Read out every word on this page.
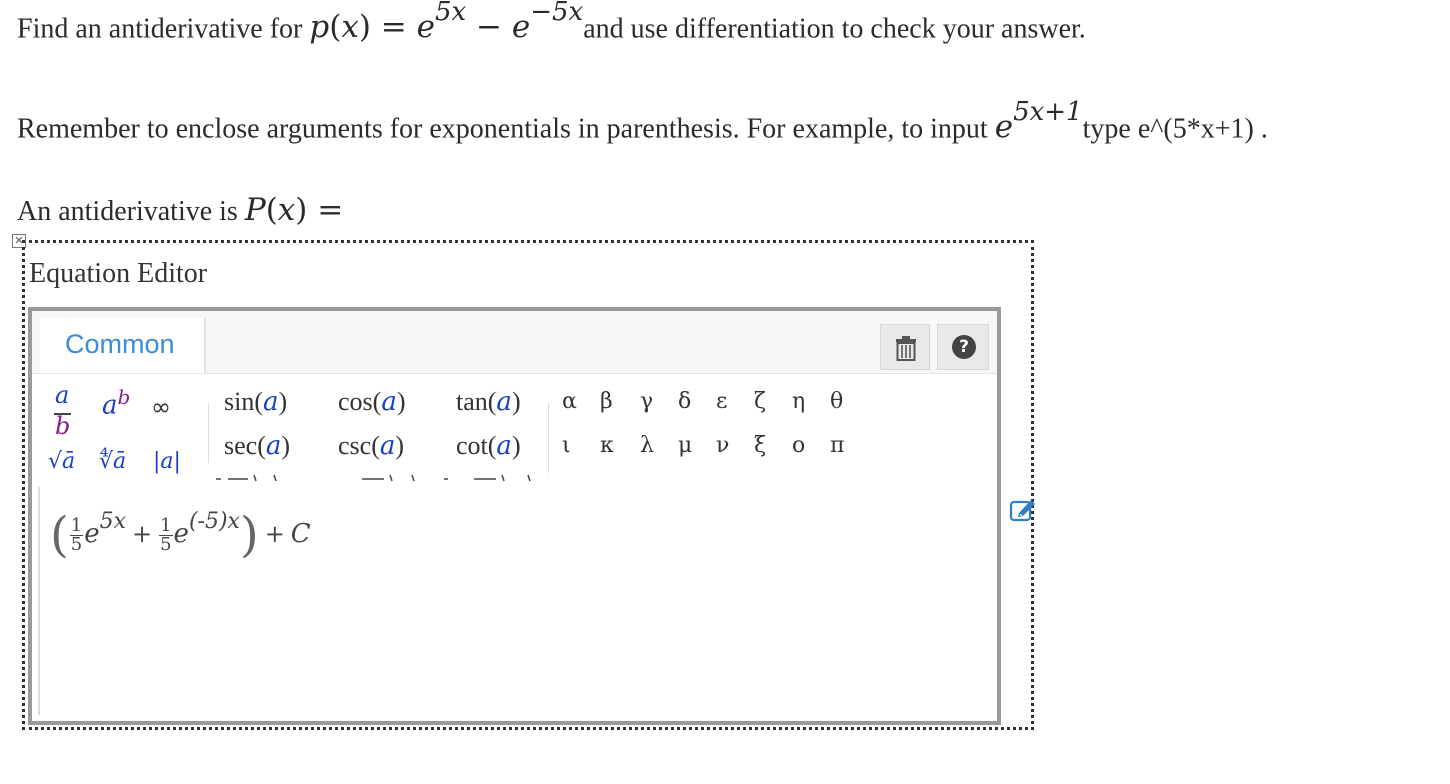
Find an antiderivative for $p(x) = e^{5x} - e^{-5x}and$ use differentiation to check your answer.
Remember to enclose arguments for exponentials in parenthesis. For example, to input $e^{5x+1}type$ e^(5*x+1) .
An antiderivative is P(x) =
✕
Equation Editor
Common	?
a
b
$a^b$ ∞
√ā ∜ā |a|
sin(a) cos(a) tan(a)
sec(a) csc(a) cot(a)
α β γ δ ε ζ η θ
ι κ λ μ ν ξ ο π
( $\frac{1}{5} e^{5x} + \frac{1}{5} e^{(-5)x}) + C$
